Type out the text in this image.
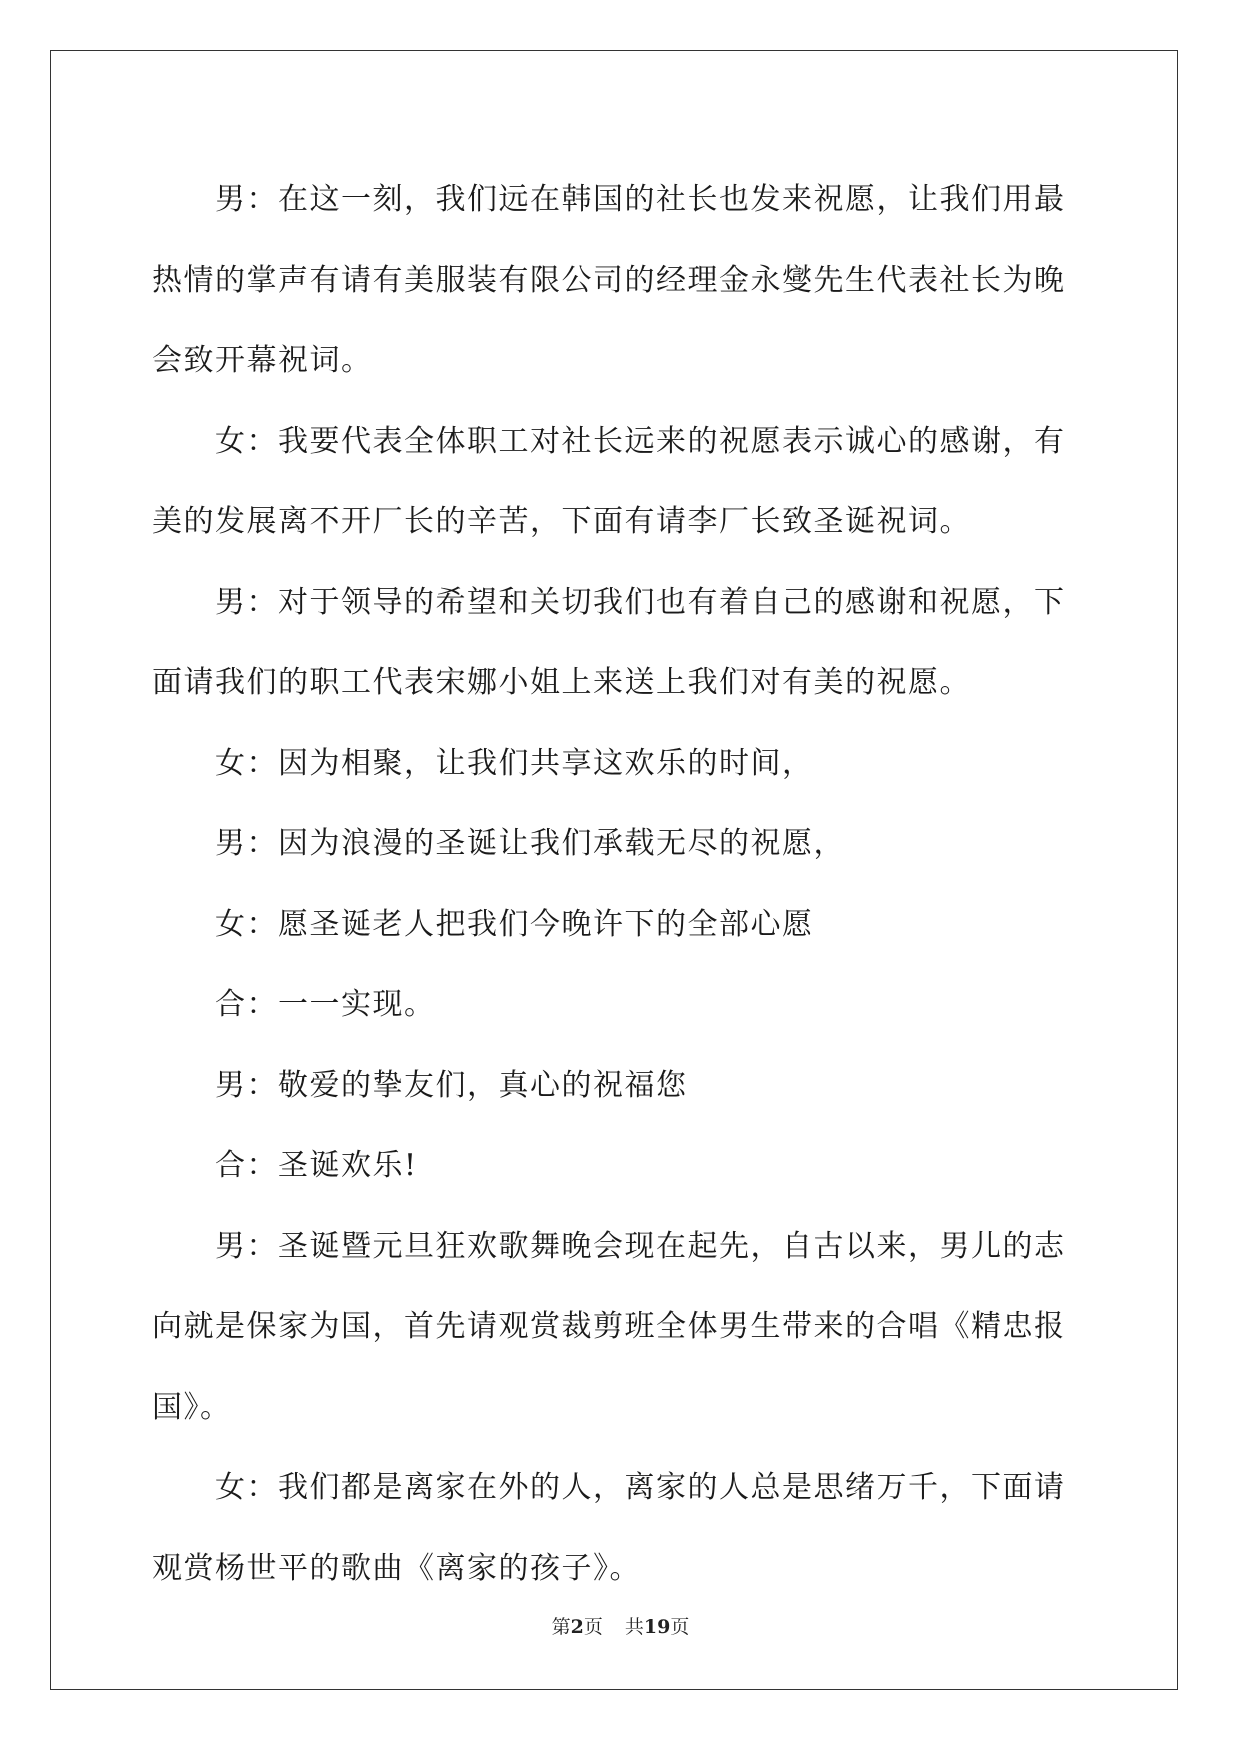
男：在这一刻，我们远在韩国的社长也发来祝愿，让我们用最热情的掌声有请有美服装有限公司的经理金永燮先生代表社长为晚会致开幕祝词。

女：我要代表全体职工对社长远来的祝愿表示诚心的感谢，有美的发展离不开厂长的辛苦，下面有请李厂长致圣诞祝词。

男：对于领导的希望和关切我们也有着自己的感谢和祝愿，下面请我们的职工代表宋娜小姐上来送上我们对有美的祝愿。

女：因为相聚，让我们共享这欢乐的时间，

男：因为浪漫的圣诞让我们承载无尽的祝愿，

女：愿圣诞老人把我们今晚许下的全部心愿

合：一一实现。

男：敬爱的挚友们，真心的祝福您

合：圣诞欢乐!

男：圣诞暨元旦狂欢歌舞晚会现在起先，自古以来，男儿的志向就是保家为国，首先请观赏裁剪班全体男生带来的合唱《精忠报国》。

女：我们都是离家在外的人，离家的人总是思绪万千，下面请观赏杨世平的歌曲《离家的孩子》。

第2页 共19页
